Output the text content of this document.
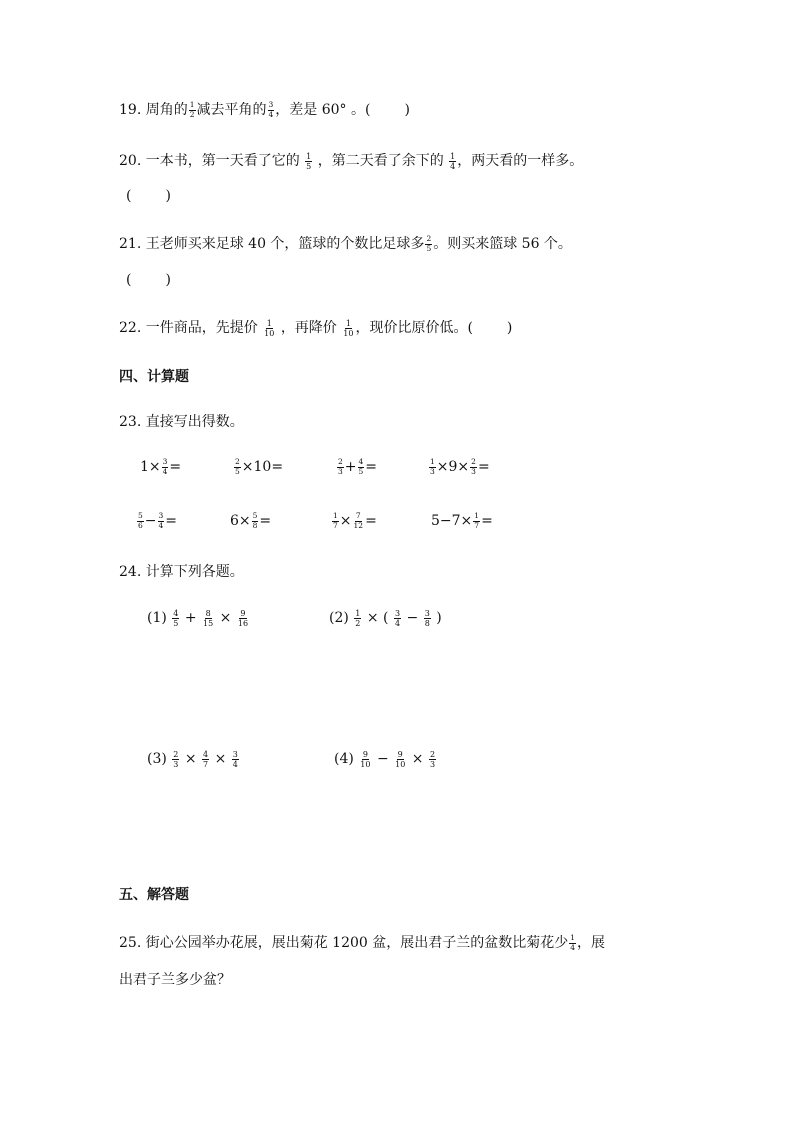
19. 周角的 $\frac{1}{2}$ 减去平角的 $\frac{3}{4}$ ，差是 60° 。( )
20. 一本书，第一天看了它的 $\frac{1}{5}$ ，第二天看了余下的 $\frac{1}{4}$ ，两天看的一样多。
( )
21. 王老师买来足球 40 个，篮球的个数比足球多 $\frac{2}{5}$ 。则买来篮球 56 个。
( )
22. 一件商品，先提价 $\frac{1}{10}$ ，再降价 $\frac{1}{10}$ ，现价比原价低。( )
四、计算题
23. 直接写出得数。
$1\times \frac{3}{4}$ =	$\frac{2}{5} \times 10=$	$\frac{2}{3} + \frac{4}{5}$ =	$\frac{1}{3} \times 9\times \frac{2}{3}$ =
$\frac{5}{6} - \frac{3}{4}$ =	$6\times \frac{5}{8}$ =	$\frac{1}{7} \times \frac{7}{12}$ =	$5-7\times \frac{1}{7}$ =
24. 计算下列各题。
$(1) \frac{4}{5} + \frac{8}{15} \times \frac{9}{16}$	$(2) \frac{1}{2}$ × ( $\frac{3}{4} - \frac{3}{8}$ )
$(3) \frac{2}{3} \times \frac{4}{7} \times \frac{3}{4}$	$(4) \frac{9}{10} - \frac{9}{10} \times \frac{2}{3}$
五、解答题
25. 街心公园举办花展，展出菊花 1200 盆，展出君子兰的盆数比菊花少 $\frac{1}{4}$ ，展
出君子兰多少盆？
